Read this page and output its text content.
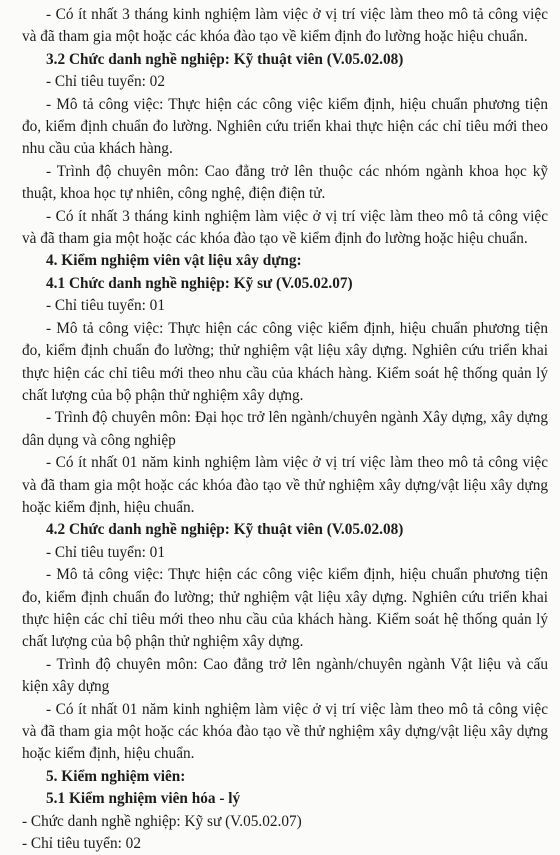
- Có ít nhất 3 tháng kinh nghiệm làm việc ở vị trí việc làm theo mô tả công việc và đã tham gia một hoặc các khóa đào tạo về kiểm định đo lường hoặc hiệu chuẩn.

3.2 Chức danh nghề nghiệp: Kỹ thuật viên (V.05.02.08)

- Chỉ tiêu tuyển: 02

- Mô tả công việc: Thực hiện các công việc kiểm định, hiệu chuẩn phương tiện đo, kiểm định chuẩn đo lường. Nghiên cứu triển khai thực hiện các chỉ tiêu mới theo nhu cầu của khách hàng.

- Trình độ chuyên môn: Cao đẳng trở lên thuộc các nhóm ngành khoa học kỹ thuật, khoa học tự nhiên, công nghệ, điện điện tử.

- Có ít nhất 3 tháng kinh nghiệm làm việc ở vị trí việc làm theo mô tả công việc và đã tham gia một hoặc các khóa đào tạo về kiểm định đo lường hoặc hiệu chuẩn.

4. Kiểm nghiệm viên vật liệu xây dựng:
4.1 Chức danh nghề nghiệp: Kỹ sư (V.05.02.07)

- Chỉ tiêu tuyển: 01

- Mô tả công việc: Thực hiện các công việc kiểm định, hiệu chuẩn phương tiện đo, kiểm định chuẩn đo lường; thử nghiệm vật liệu xây dựng. Nghiên cứu triển khai thực hiện các chỉ tiêu mới theo nhu cầu của khách hàng. Kiểm soát hệ thống quản lý chất lượng của bộ phận thử nghiệm xây dựng.

- Trình độ chuyên môn: Đại học trở lên ngành/chuyên ngành Xây dựng, xây dựng dân dụng và công nghiệp

- Có ít nhất 01 năm kinh nghiệm làm việc ở vị trí việc làm theo mô tả công việc và đã tham gia một hoặc các khóa đào tạo về thử nghiệm xây dựng/vật liệu xây dựng hoặc kiểm định, hiệu chuẩn.

4.2 Chức danh nghề nghiệp: Kỹ thuật viên (V.05.02.08)

- Chỉ tiêu tuyển: 01

- Mô tả công việc: Thực hiện các công việc kiểm định, hiệu chuẩn phương tiện đo, kiểm định chuẩn đo lường; thử nghiệm vật liệu xây dựng. Nghiên cứu triển khai thực hiện các chỉ tiêu mới theo nhu cầu của khách hàng. Kiểm soát hệ thống quản lý chất lượng của bộ phận thử nghiệm xây dựng.

- Trình độ chuyên môn: Cao đẳng trở lên ngành/chuyên ngành Vật liệu và cấu kiện xây dựng

- Có ít nhất 01 năm kinh nghiệm làm việc ở vị trí việc làm theo mô tả công việc và đã tham gia một hoặc các khóa đào tạo về thử nghiệm xây dựng/vật liệu xây dựng hoặc kiểm định, hiệu chuẩn.

5. Kiểm nghiệm viên:
5.1 Kiểm nghiệm viên hóa - lý

- Chức danh nghề nghiệp: Kỹ sư (V.05.02.07)

- Chỉ tiêu tuyển: 02
